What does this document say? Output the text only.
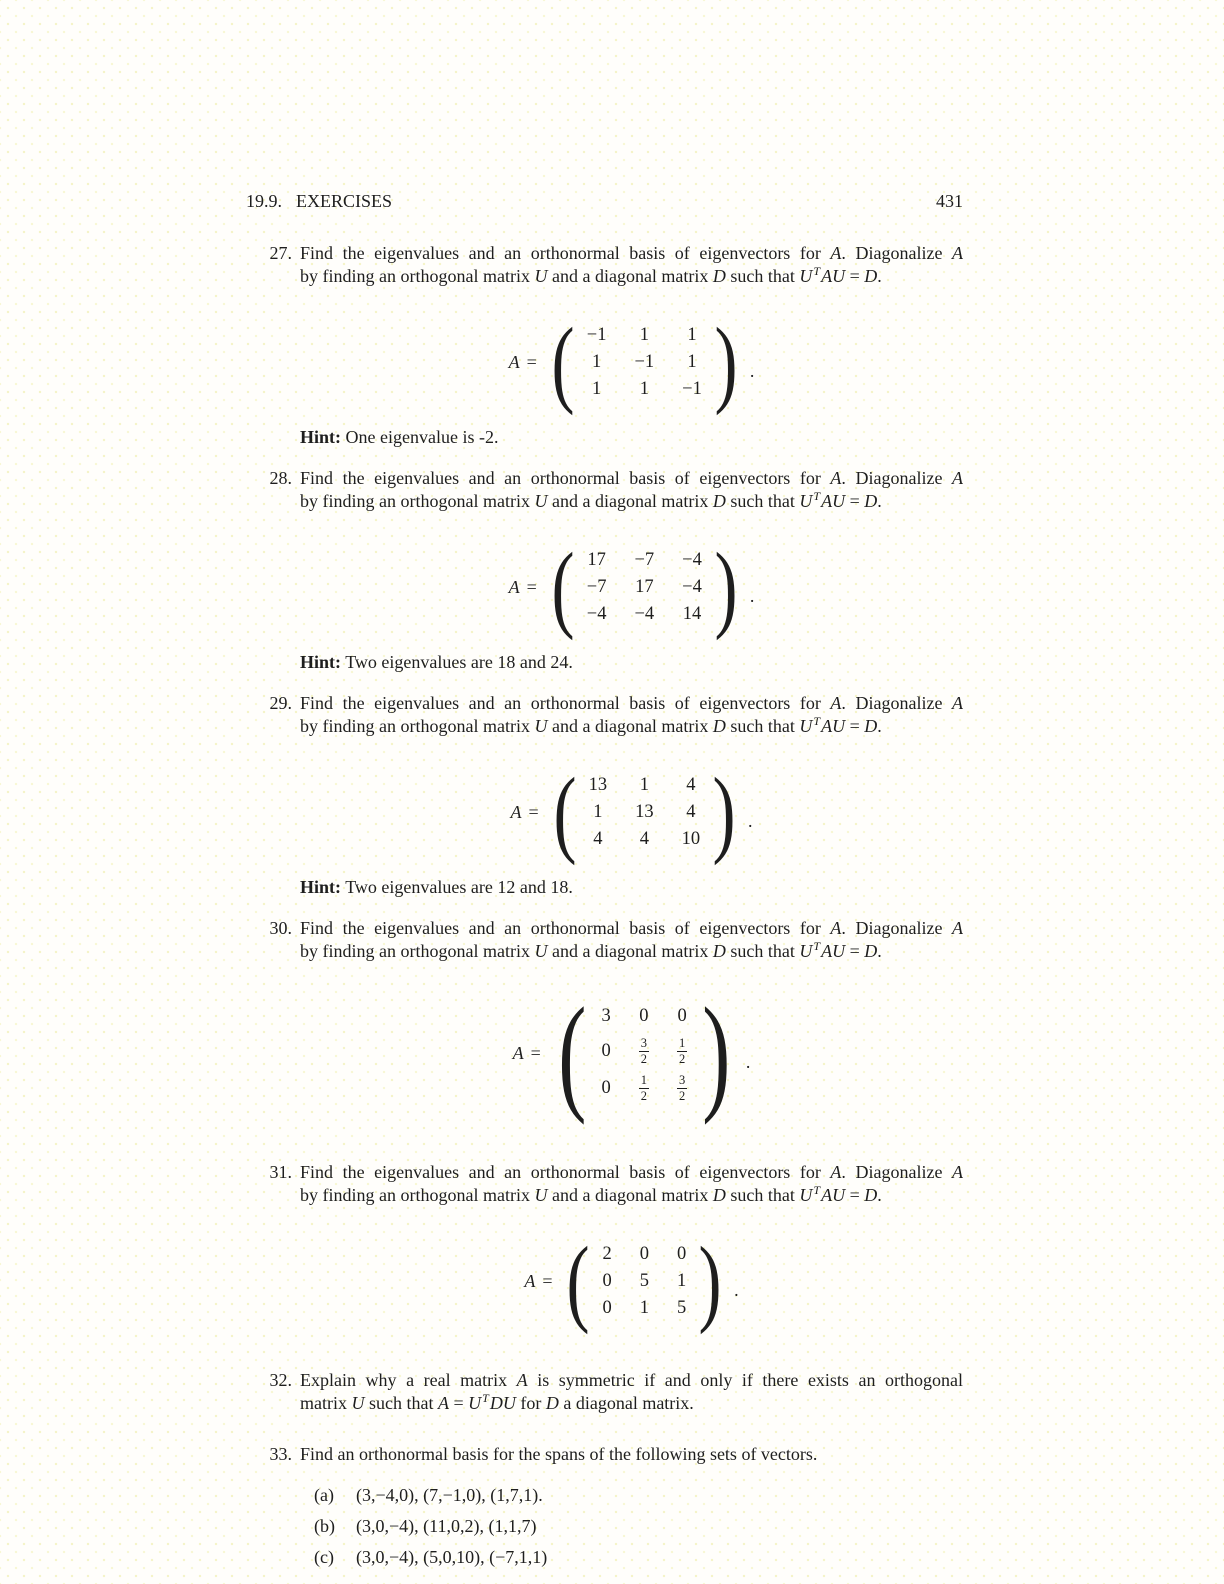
19.9. EXERCISES	431
27. Find the eigenvalues and an orthonormal basis of eigenvectors for A. Diagonalize A
by finding an orthogonal matrix U and a diagonal matrix D such that $U^TAU = D$.
A = ( −1 1 1
1 −1 1
1 1 −1 ) .
Hint: One eigenvalue is -2.
28. Find the eigenvalues and an orthonormal basis of eigenvectors for A. Diagonalize A
by finding an orthogonal matrix U and a diagonal matrix D such that $U^TAU = D$.
A = ( 17 −7 −4
−7 17 −4
−4 −4 14 ) .
Hint: Two eigenvalues are 18 and 24.
29. Find the eigenvalues and an orthonormal basis of eigenvectors for A. Diagonalize A
by finding an orthogonal matrix U and a diagonal matrix D such that $U^TAU = D$.
A = ( 13 1 4
1 13 4
4 4 10 ) .
Hint: Two eigenvalues are 12 and 18.
30. Find the eigenvalues and an orthonormal basis of eigenvectors for A. Diagonalize A
by finding an orthogonal matrix U and a diagonal matrix D such that $U^TAU = D$.
A = ( 3 0 0
$0 \frac{3}{2} \frac{1}{2}$
$0 \frac{1}{2} \frac{3}{2}$ ) .
31. Find the eigenvalues and an orthonormal basis of eigenvectors for A. Diagonalize A
by finding an orthogonal matrix U and a diagonal matrix D such that $U^TAU = D$.
A = ( 2 0 0
0 5 1
0 1 5 ) .
32. Explain why a real matrix A is symmetric if and only if there exists an orthogonal
matrix U such that $A = U^TDU$ for D a diagonal matrix.
33. Find an orthonormal basis for the spans of the following sets of vectors.
(a)	(3,−4,0), (7,−1,0), (1,7,1).
(b)	(3,0,−4), (11,0,2), (1,1,7)
(c)	(3,0,−4), (5,0,10), (−7,1,1)
